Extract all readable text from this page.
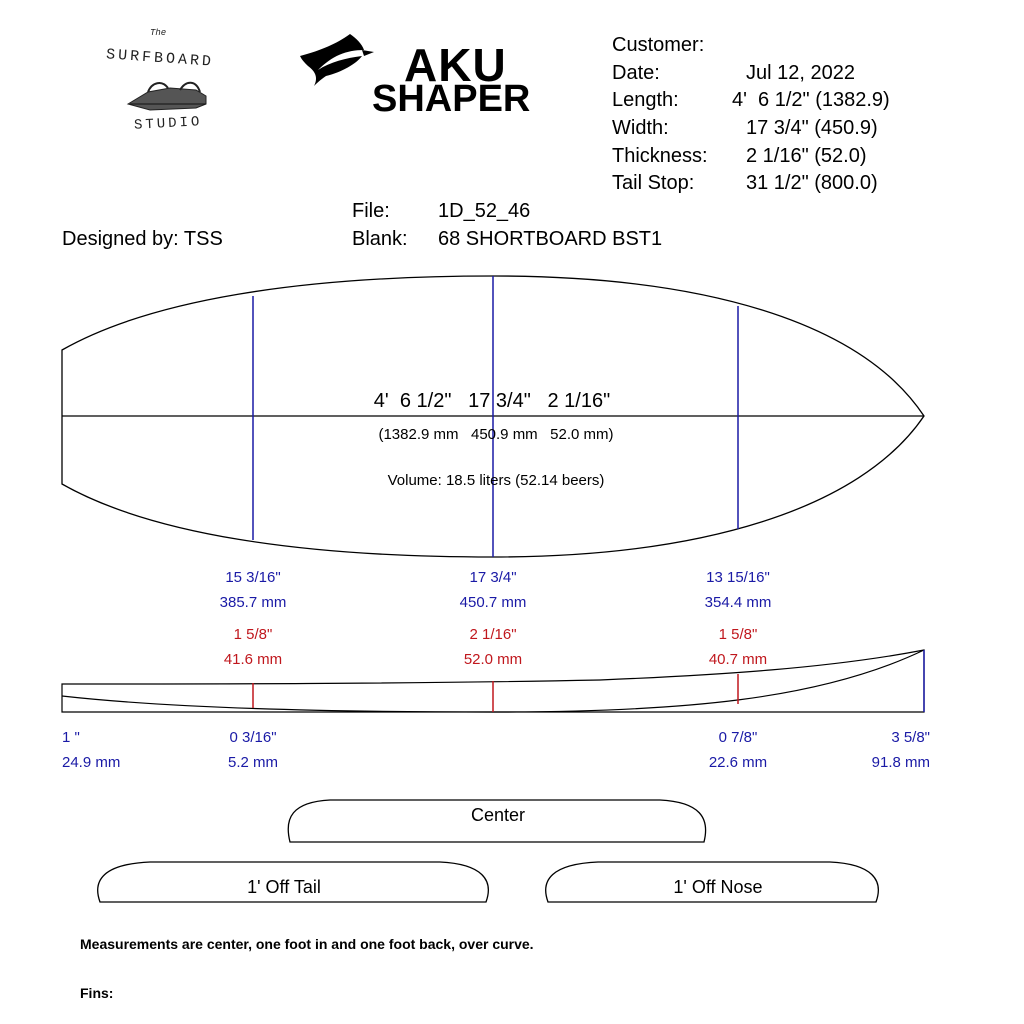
The
SURFBOARD
STUDIO
AKU
SHAPER
Customer:
Date:	Jul 12, 2022
Length:	4'  6 1/2" (1382.9)
Width:	17 3/4" (450.9)
Thickness: 2 1/16" (52.0)
Tail Stop:	31 1/2" (800.0)
File: 1D_52_46
Designed by: TSS	Blank: 68 SHORTBOARD BST1
4'  6 1/2"   17 3/4"   2 1/16"
(1382.9 mm   450.9 mm   52.0 mm)
Volume: 18.5 liters (52.14 beers)
15 3/16"
385.7 mm
17 3/4"
450.7 mm
13 15/16"
354.4 mm
1 5/8"
41.6 mm
2 1/16"
52.0 mm
1 5/8"
40.7 mm
1 "
24.9 mm
0 3/16"
5.2 mm
0 7/8"
22.6 mm
3 5/8"
91.8 mm
Center
1' Off Tail	1' Off Nose
Measurements are center, one foot in and one foot back, over curve.
Fins:
